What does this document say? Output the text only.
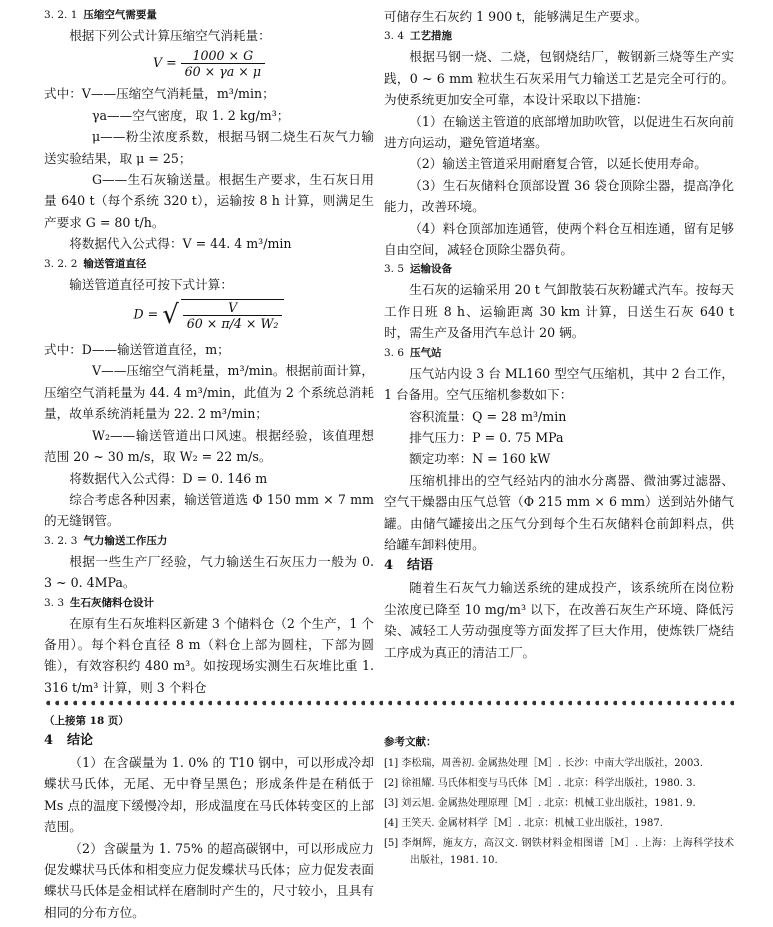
3. 2. 1 压缩空气需要量

根据下列公式计算压缩空气消耗量：

$V = \frac{1000 \times G}{60 \times \gamma a \times \mu}$

式中：V——压缩空气消耗量，m³/min；

γa——空气密度，取 1. 2 kg/m³；

μ——粉尘浓度系数，根据马钢二烧生石灰气力输送实验结果，取 μ = 25；

G——生石灰输送量。根据生产要求，生石灰日用量 640 t（每个系统 320 t），运输按 8 h 计算，则满足生产要求 G = 80 t/h。

将数据代入公式得：V = 44. 4 m³/min

3. 2. 2 输送管道直径

输送管道直径可按下式计算：

D = √ $\frac{V}{\text{60 × π/4 × W₂}}$

式中：D——输送管道直径，m；

V——压缩空气消耗量，m³/min。根据前面计算，压缩空气消耗量为 44. 4 m³/min，此值为 2 个系统总消耗量，故单系统消耗量为 22. 2 m³/min；

W₂——输送管道出口风速。根据经验，该值理想范围 20 ~ 30 m/s，取 W₂ = 22 m/s。

将数据代入公式得：D = 0. 146 m

综合考虑各种因素，输送管道选 Φ 150 mm × 7 mm 的无缝钢管。

3. 2. 3 气力输送工作压力

根据一些生产厂经验，气力输送生石灰压力一般为 0. 3 ~ 0. 4MPa。

3. 3 生石灰储料仓设计

在原有生石灰堆料区新建 3 个储料仓（2 个生产，1 个备用）。每个料仓直径 8 m（料仓上部为圆柱，下部为圆锥），有效容积约 480 m³。如按现场实测生石灰堆比重 1. 316 t/m³ 计算，则 3 个料仓

可储存生石灰约 1 900 t，能够满足生产要求。

3. 4 工艺措施

根据马钢一烧、二烧，包钢烧结厂，鞍钢新三烧等生产实践，0 ~ 6 mm 粒状生石灰采用气力输送工艺是完全可行的。为使系统更加安全可靠，本设计采取以下措施：

（1）在输送主管道的底部增加助吹管，以促进生石灰向前进方向运动，避免管道堵塞。

（2）输送主管道采用耐磨复合管，以延长使用寿命。

（3）生石灰储料仓顶部设置 36 袋仓顶除尘器，提高净化能力，改善环境。

（4）料仓顶部加连通管，使两个料仓互相连通，留有足够自由空间，减轻仓顶除尘器负荷。

3. 5 运输设备

生石灰的运输采用 20 t 气卸散装石灰粉罐式汽车。按每天工作日班 8 h、运输距离 30 km 计算，日送生石灰 640 t 时，需生产及备用汽车总计 20 辆。

3. 6 压气站

压气站内设 3 台 ML160 型空气压缩机，其中 2 台工作，1 台备用。空气压缩机参数如下：

容积流量：Q = 28 m³/min

排气压力：P = 0. 75 MPa

额定功率：N = 160 kW

压缩机排出的空气经站内的油水分离器、微油雾过滤器、空气干燥器由压气总管（Φ 215 mm × 6 mm）送到站外储气罐。由储气罐接出之压气分到每个生石灰储料仓前卸料点，供给罐车卸料使用。

4 结语

随着生石灰气力输送系统的建成投产，该系统所在岗位粉尘浓度已降至 10 mg/m³ 以下，在改善石灰生产环境、降低污染、减轻工人劳动强度等方面发挥了巨大作用，使炼铁厂烧结工序成为真正的清洁工厂。

（上接第 18 页）

4 结论

（1）在含碳量为 1. 0% 的 T10 钢中，可以形成冷却蝶状马氏体，无尾、无中脊呈黑色；形成条件是在稍低于 Ms 点的温度下缓慢冷却，形成温度在马氏体转变区的上部范围。

（2）含碳量为 1. 75% 的超高碳钢中，可以形成应力促发蝶状马氏体和相变应力促发蝶状马氏体；应力促发表面蝶状马氏体是金相试样在磨制时产生的，尺寸较小，且具有相同的分布方位。

参考文献：

[1] 李松瑞，周善初. 金属热处理［M］. 长沙：中南大学出版社，2003.

[2] 徐祖耀. 马氏体相变与马氏体［M］. 北京：科学出版社，1980. 3.

[3] 刘云旭. 金属热处理原理［M］. 北京：机械工业出版社，1981. 9.

[4] 王笑天. 金属材料学［M］. 北京：机械工业出版社，1987.

[5] 李炯辉，施友方，高汉文. 钢铁材料金相图谱［M］. 上海：上海科学技术出版社，1981. 10.
